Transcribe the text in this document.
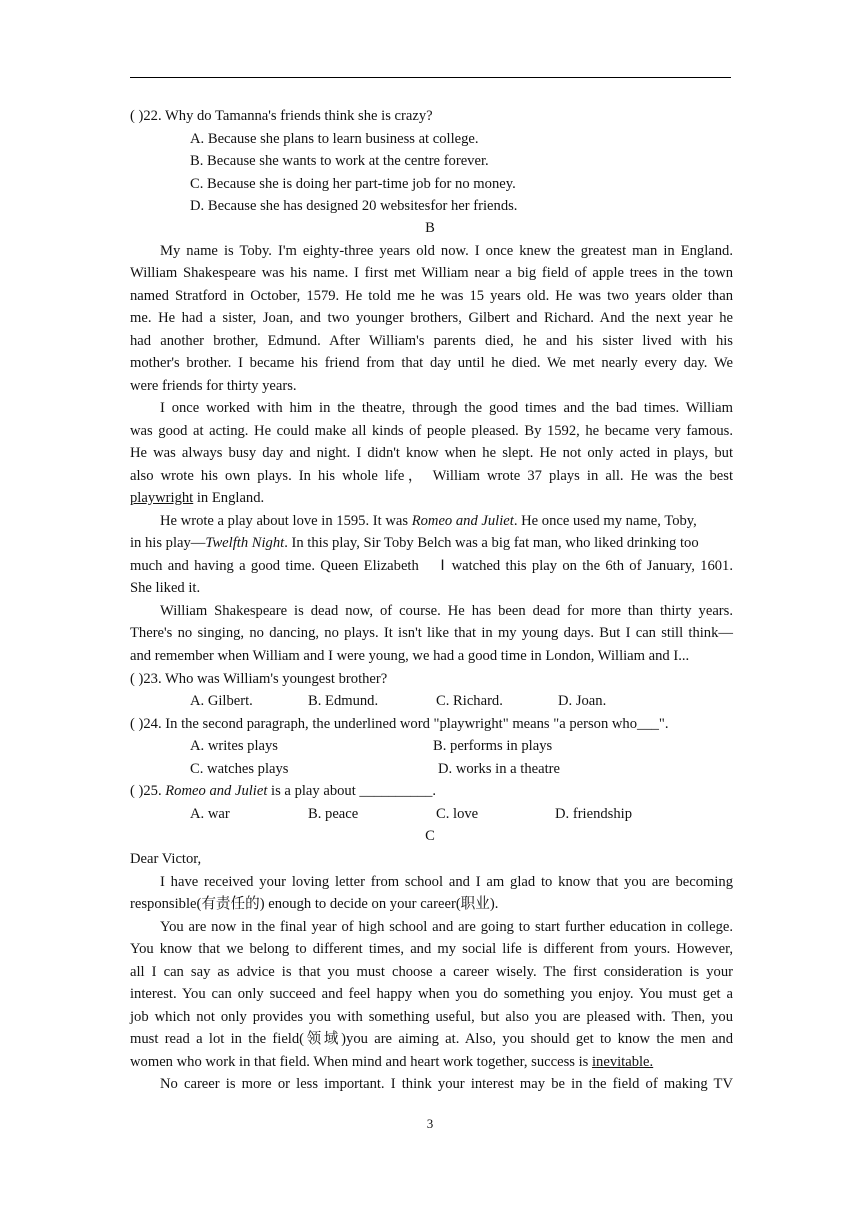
( )22. Why do Tamanna's friends think she is crazy?
A. Because she plans to learn business at college.
B. Because she wants to work at the centre forever.
C. Because she is doing her part-time job for no money.
D. Because she has designed 20 websitesfor her friends.
B
My name is Toby. I'm eighty-three years old now. I once knew the greatest man in England.
William Shakespeare was his name. I first met William near a big field of apple trees in the town
named Stratford in October, 1579. He told me he was 15 years old. He was two years older than
me. He had a sister, Joan, and two younger brothers, Gilbert and Richard. And the next year he
had another brother, Edmund. After William's parents died, he and his sister lived with his
mother's brother. I became his friend from that day until he died. We met nearly every day. We
were friends for thirty years.
I once worked with him in the theatre, through the good times and the bad times. William
was good at acting. He could make all kinds of people pleased. By 1592, he became very famous.
He was always busy day and night. I didn't know when he slept. He not only acted in plays, but
also wrote his own plays. In his whole life， William wrote 37 plays in all. He was the best
playwright in England.
He wrote a play about love in 1595. It was Romeo and Juliet. He once used my name, Toby,
in his play—Twelfth Night. In this play, Sir Toby Belch was a big fat man, who liked drinking too
much and having a good time. Queen Elizabeth 　Ⅰ watched this play on the 6th of January, 1601.
She liked it.
William Shakespeare is dead now, of course. He has been dead for more than thirty years.
There's no singing, no dancing, no plays. It isn't like that in my young days. But I can still think—
and remember when William and I were young, we had a good time in London, William and I...
( )23. Who was William's youngest brother?
A. Gilbert.	B. Edmund.	C. Richard.	D. Joan.
( )24. In the second paragraph, the underlined word "playwright" means "a person who___".
A. writes plays	B. performs in plays
C. watches plays	D. works in a theatre
( )25. Romeo and Juliet is a play about __________.
A. war	B. peace	C. love	D. friendship
C
Dear Victor,
I have received your loving letter from school and I am glad to know that you are becoming
responsible(有责任的) enough to decide on your career(职业).
You are now in the final year of high school and are going to start further education in college.
You know that we belong to different times, and my social life is different from yours. However,
all I can say as advice is that you must choose a career wisely. The first consideration is your
interest. You can only succeed and feel happy when you do something you enjoy. You must get a
job which not only provides you with something useful, but also you are pleased with. Then, you
must read a lot in the field(领域)you are aiming at. Also, you should get to know the men and
women who work in that field. When mind and heart work together, success is inevitable.
No career is more or less important. I think your interest may be in the field of making TV
3
